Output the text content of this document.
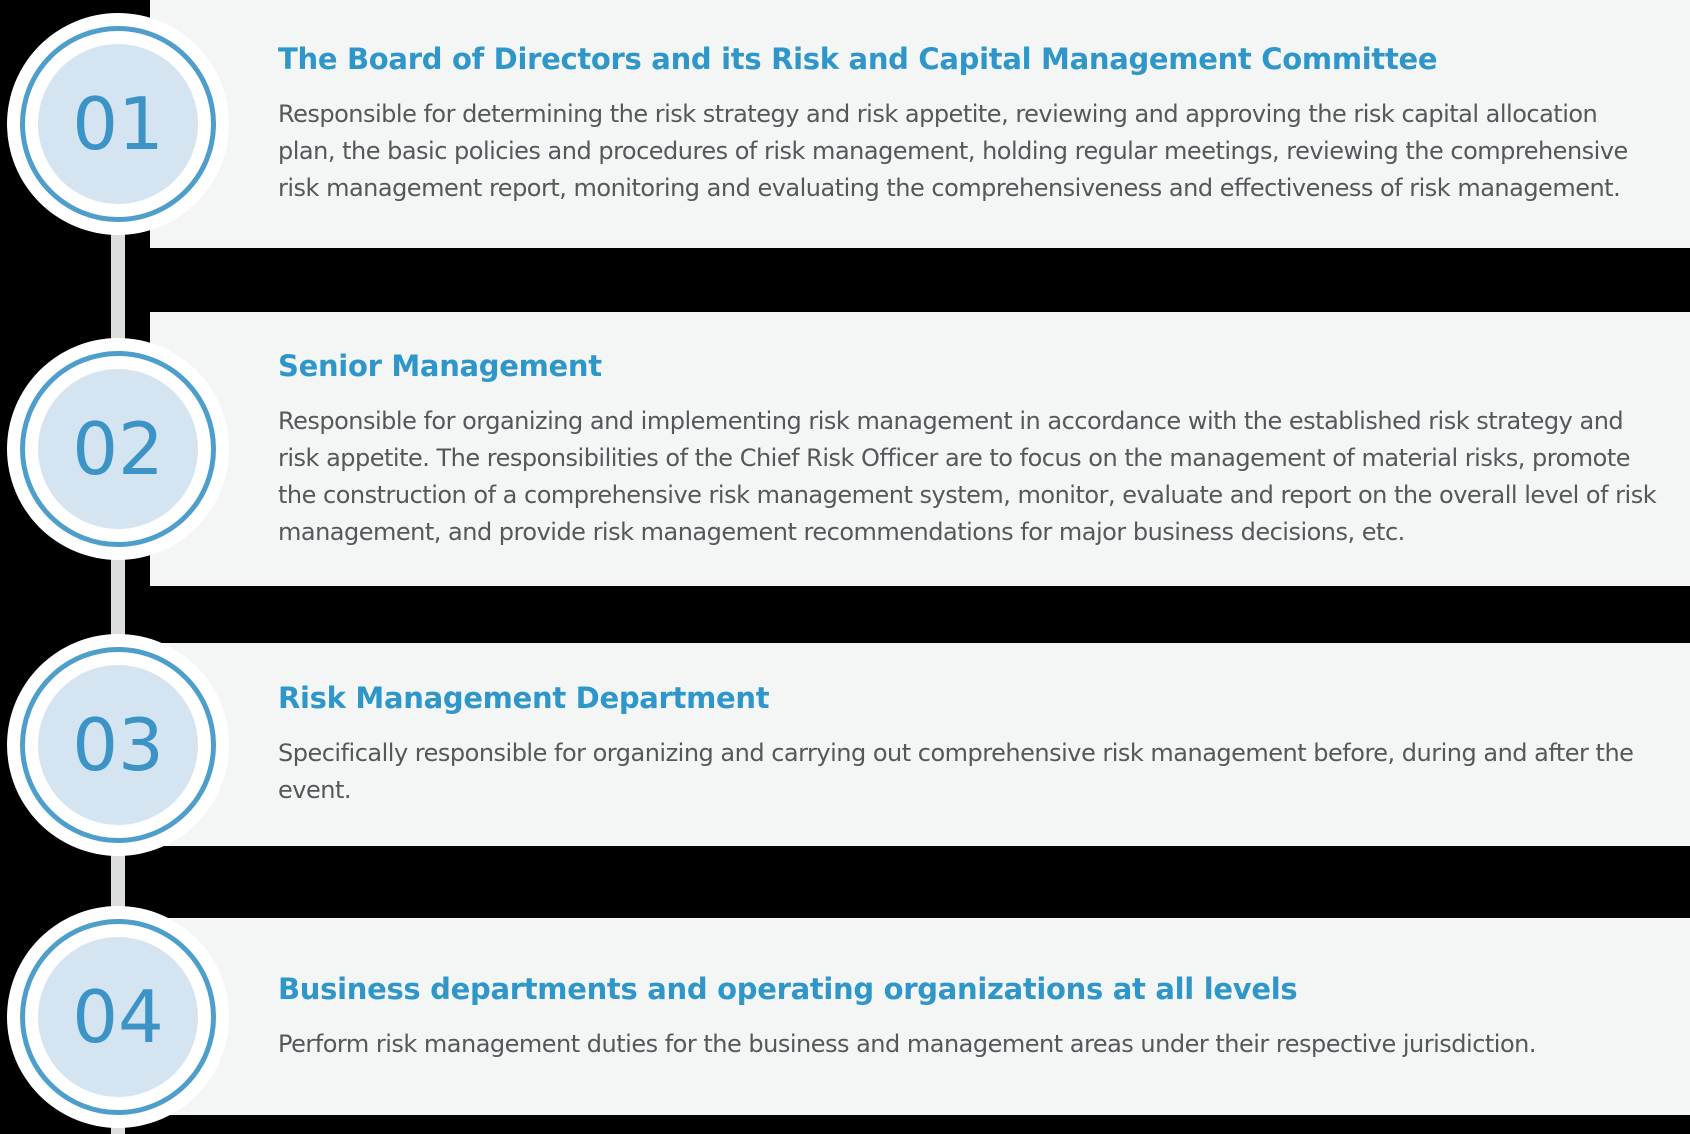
The Board of Directors and its Risk and Capital Management Committee

Responsible for determining the risk strategy and risk appetite, reviewing and approving the risk capital allocation
plan, the basic policies and procedures of risk management, holding regular meetings, reviewing the comprehensive
risk management report, monitoring and evaluating the comprehensiveness and effectiveness of risk management.

Senior Management

Responsible for organizing and implementing risk management in accordance with the established risk strategy and
risk appetite. The responsibilities of the Chief Risk Officer are to focus on the management of material risks, promote
the construction of a comprehensive risk management system, monitor, evaluate and report on the overall level of risk
management, and provide risk management recommendations for major business decisions, etc.

Risk Management Department

Specifically responsible for organizing and carrying out comprehensive risk management before, during and after the
event.

Business departments and operating organizations at all levels

Perform risk management duties for the business and management areas under their respective jurisdiction.

01
02
03
04
